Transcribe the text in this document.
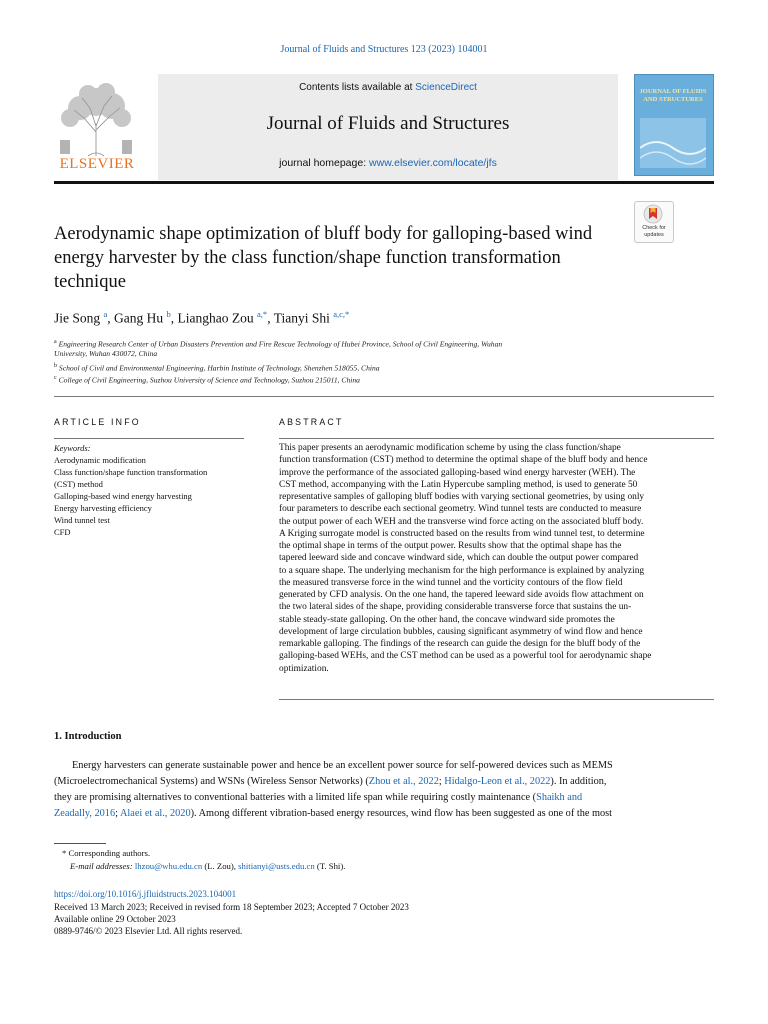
Journal of Fluids and Structures 123 (2023) 104001
ELSEVIER
Contents lists available at ScienceDirect
Journal of Fluids and Structures
journal homepage: www.elsevier.com/locate/jfs
JOURNAL OF FLUIDS AND STRUCTURES
Check for updates
Aerodynamic shape optimization of bluff body for galloping-based wind energy harvester by the class function/shape function transformation technique
Jie Song $^a$, Gang Hu $^b$, Lianghao Zou $^{a,*}$, Tianyi Shi $^{a,c,*}$
$^a$ Engineering Research Center of Urban Disasters Prevention and Fire Rescue Technology of Hubei Province, School of Civil Engineering, Wuhan
University, Wuhan 430072, China
$^b$ School of Civil and Environmental Engineering, Harbin Institute of Technology, Shenzhen 518055, China
$^c$ College of Civil Engineering, Suzhou University of Science and Technology, Suzhou 215011, China
ARTICLE INFO	ABSTRACT
Keywords:
Aerodynamic modification
Class function/shape function transformation
(CST) method
Galloping-based wind energy harvesting
Energy harvesting efficiency
Wind tunnel test
CFD
This paper presents an aerodynamic modification scheme by using the class function/shape
function transformation (CST) method to determine the optimal shape of the bluff body and hence
improve the performance of the associated galloping-based wind energy harvester (WEH). The
CST method, accompanying with the Latin Hypercube sampling method, is used to generate 50
representative samples of galloping bluff bodies with varying sectional geometries, by using only
four parameters to describe each sectional geometry. Wind tunnel tests are conducted to measure
the output power of each WEH and the transverse wind force acting on the associated bluff body.
A Kriging surrogate model is constructed based on the results from wind tunnel test, to determine
the optimal shape in terms of the output power. Results show that the optimal shape has the
tapered leeward side and concave windward side, which can double the output power compared
to a square shape. The underlying mechanism for the high performance is explained by analyzing
the measured transverse force in the wind tunnel and the vorticity contours of the flow field
generated by CFD analysis. On the one hand, the tapered leeward side avoids flow attachment on
the two lateral sides of the shape, providing considerable transverse force that sustains the un-
stable steady-state galloping. On the other hand, the concave windward side promotes the
development of large circulation bubbles, causing significant asymmetry of wind flow and hence
remarkable galloping. The findings of the research can guide the design for the bluff body of the
galloping-based WEHs, and the CST method can be used as a powerful tool for aerodynamic shape
optimization.
1. Introduction
Energy harvesters can generate sustainable power and hence be an excellent power source for self-powered devices such as MEMS
(Microelectromechanical Systems) and WSNs (Wireless Sensor Networks) (Zhou et al., 2022; Hidalgo-Leon et al., 2022). In addition,
they are promising alternatives to conventional batteries with a limited life span while requiring costly maintenance (Shaikh and
Zeadally, 2016; Alaei et al., 2020). Among different vibration-based energy resources, wind flow has been suggested as one of the most
* Corresponding authors.
E-mail addresses: lhzou@whu.edu.cn (L. Zou), shitianyi@usts.edu.cn (T. Shi).
https://doi.org/10.1016/j.jfluidstructs.2023.104001
Received 13 March 2023; Received in revised form 18 September 2023; Accepted 7 October 2023
Available online 29 October 2023
0889-9746/© 2023 Elsevier Ltd. All rights reserved.
